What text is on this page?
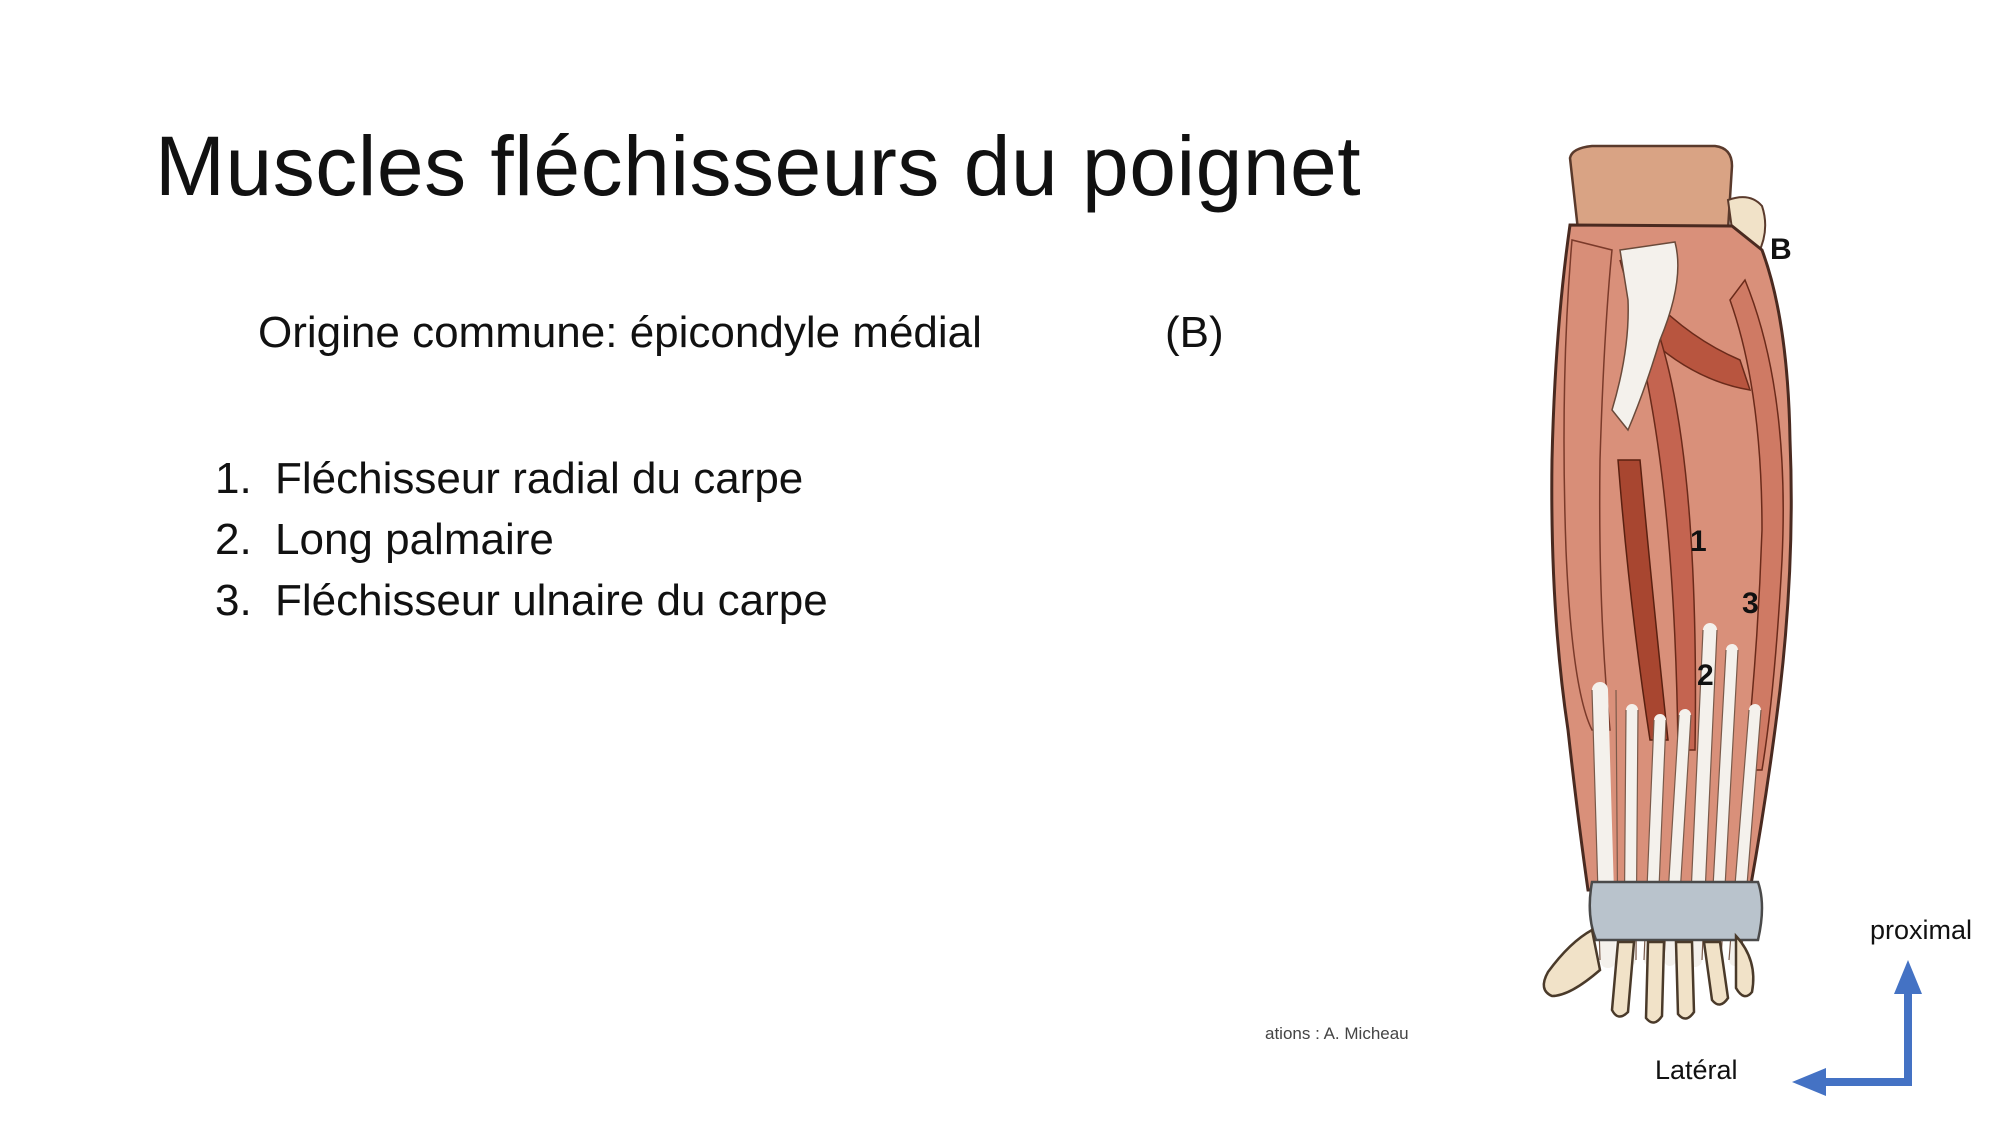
Muscles fléchisseurs du poignet
Origine commune: épicondyle médial	(B)
1. Fléchisseur radial du carpe
2. Long palmaire
3. Fléchisseur ulnaire du carpe
B
1
3
2
ations : A. Micheau
proximal
Latéral
